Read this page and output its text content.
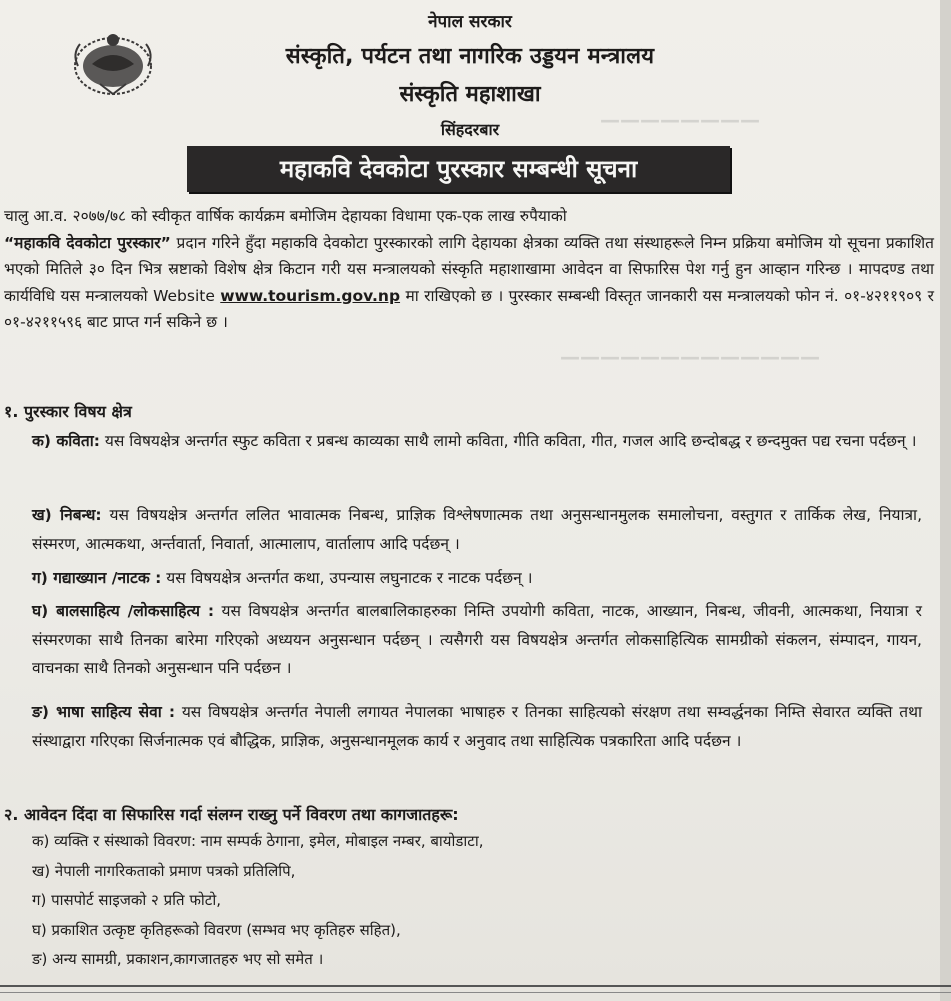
————————
—————————————
नेपाल सरकार
संस्कृति, पर्यटन तथा नागरिक उड्डयन मन्त्रालय
संस्कृति महाशाखा
सिंहदरबार
महाकवि देवकोटा पुरस्कार सम्बन्धी सूचना
चालु आ.व. २०७७/७८ को स्वीकृत वार्षिक कार्यक्रम बमोजिम देहायका विधामा एक-एक लाख रुपैयाको
“महाकवि देवकोटा पुरस्कार” प्रदान गरिने हुँदा महाकवि देवकोटा पुरस्कारको लागि देहायका क्षेत्रका व्यक्ति तथा संस्थाहरूले निम्न प्रक्रिया बमोजिम यो सूचना प्रकाशित भएको मितिले ३० दिन भित्र स्रष्टाको विशेष क्षेत्र किटान गरी यस मन्त्रालयको संस्कृति महाशाखामा आवेदन वा सिफारिस पेश गर्नु हुन आव्हान गरिन्छ । मापदण्ड तथा कार्यविधि यस मन्त्रालयको Website www.tourism.gov.np मा राखिएको छ । पुरस्कार सम्बन्धी विस्तृत जानकारी यस मन्त्रालयको फोन नं. ०१-४२११९०९ र ०१-४२११५९६ बाट प्राप्त गर्न सकिने छ ।
१. पुरस्कार विषय क्षेत्र
क) कविता: यस विषयक्षेत्र अन्तर्गत स्फुट कविता र प्रबन्ध काव्यका साथै लामो कविता, गीति कविता, गीत, गजल आदि छन्दोबद्ध र छन्दमुक्त पद्य रचना पर्दछन् ।
ख) निबन्ध: यस विषयक्षेत्र अन्तर्गत ललित भावात्मक निबन्ध, प्राज्ञिक विश्लेषणात्मक तथा अनुसन्धानमुलक समालोचना, वस्तुगत र तार्किक लेख, नियात्रा, संस्मरण, आत्मकथा, अर्न्तवार्ता, निवार्ता, आत्मालाप, वार्तालाप आदि पर्दछन् ।
ग) गद्याख्यान /नाटक : यस विषयक्षेत्र अन्तर्गत कथा, उपन्यास लघुनाटक र नाटक पर्दछन् ।
घ) बालसाहित्य /लोकसाहित्य : यस विषयक्षेत्र अन्तर्गत बालबालिकाहरुका निम्ति उपयोगी कविता, नाटक, आख्यान, निबन्ध, जीवनी, आत्मकथा, नियात्रा र संस्मरणका साथै तिनका बारेमा गरिएको अध्ययन अनुसन्धान पर्दछन् । त्यसैगरी यस विषयक्षेत्र अन्तर्गत लोकसाहित्यिक सामग्रीको संकलन, संम्पादन, गायन, वाचनका साथै तिनको अनुसन्धान पनि पर्दछन ।
ङ) भाषा साहित्य सेवा : यस विषयक्षेत्र अन्तर्गत नेपाली लगायत नेपालका भाषाहरु र तिनका साहित्यको संरक्षण तथा सम्वर्द्धनका निम्ति सेवारत व्यक्ति तथा संस्थाद्वारा गरिएका सिर्जनात्मक एवं बौद्धिक, प्राज्ञिक, अनुसन्धानमूलक कार्य र अनुवाद तथा साहित्यिक पत्रकारिता आदि पर्दछन ।
२. आवेदन दिंदा वा सिफारिस गर्दा संलग्न राख्नु पर्ने विवरण तथा कागजातहरू:
क) व्यक्ति र संस्थाको विवरण: नाम सम्पर्क ठेगाना, इमेल, मोबाइल नम्बर, बायोडाटा,
ख) नेपाली नागरिकताको प्रमाण पत्रको प्रतिलिपि,
ग) पासपोर्ट साइजको २ प्रति फोटो,
घ) प्रकाशित उत्कृष्ट कृतिहरूको विवरण (सम्भव भए कृतिहरु सहित),
ङ) अन्य सामग्री, प्रकाशन,कागजातहरु भए सो समेत ।
